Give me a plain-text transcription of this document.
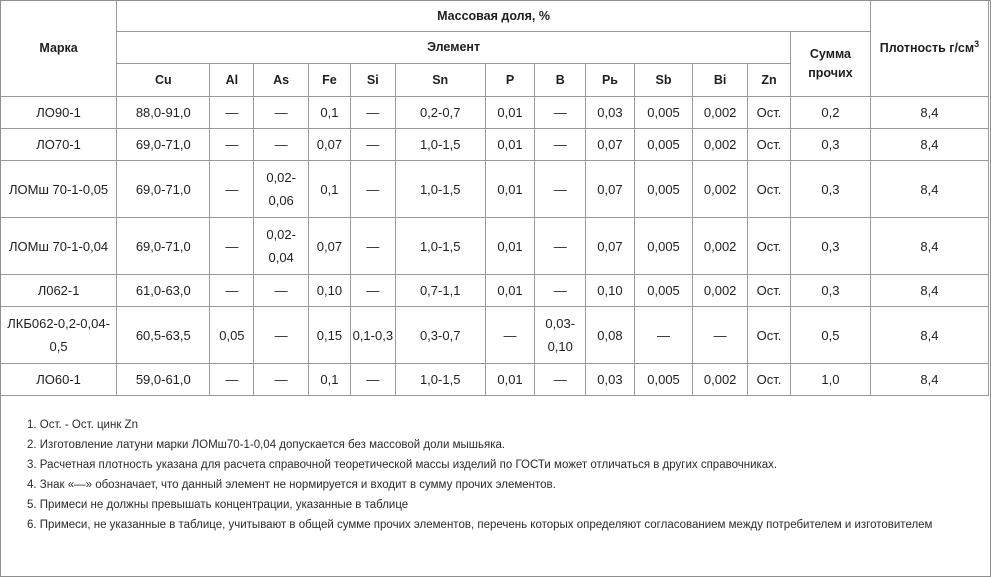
Марка	Массовая доля, %													Плотность $г/см^3$
	Элемент												Сумма прочих	
	Cu	Al	As	Fe	Si	Sn	P	B	Pь	Sb	Bi	Zn		
ЛО90-1	88,0-91,0	—	—	0,1	—	0,2-0,7	0,01	—	0,03	0,005	0,002	Ост.	0,2	8,4
ЛО70-1	69,0-71,0	—	—	0,07	—	1,0-1,5	0,01	—	0,07	0,005	0,002	Ост.	0,3	8,4
ЛОМш 70-1-0,05	69,0-71,0	—	0,02-0,06	0,1	—	1,0-1,5	0,01	—	0,07	0,005	0,002	Ост.	0,3	8,4
ЛОМш 70-1-0,04	69,0-71,0	—	0,02-0,04	0,07	—	1,0-1,5	0,01	—	0,07	0,005	0,002	Ост.	0,3	8,4
Л062-1	61,0-63,0	—	—	0,10	—	0,7-1,1	0,01	—	0,10	0,005	0,002	Ост.	0,3	8,4
ЛКБ062-0,2-0,04-0,5	60,5-63,5	0,05	—	0,15	0,1-0,3	0,3-0,7	—	0,03-0,10	0,08	—	—	Ост.	0,5	8,4
ЛО60-1	59,0-61,0	—	—	0,1	—	1,0-1,5	0,01	—	0,03	0,005	0,002	Ост.	1,0	8,4
1. Ост. - Ост. цинк Zn
2. Изготовление латуни марки ЛОМш70-1-0,04 допускается без массовой доли мышьяка.
3. Расчетная плотность указана для расчета справочной теоретической массы изделий по ГОСТи может отличаться в других справочниках.
4. Знак «—» обозначает, что данный элемент не нормируется и входит в сумму прочих элементов.
5. Примеси не должны превышать концентрации, указанные в таблице
6. Примеси, не указанные в таблице, учитывают в общей сумме прочих элементов, перечень которых определяют согласованием между потребителем и изготовителем
